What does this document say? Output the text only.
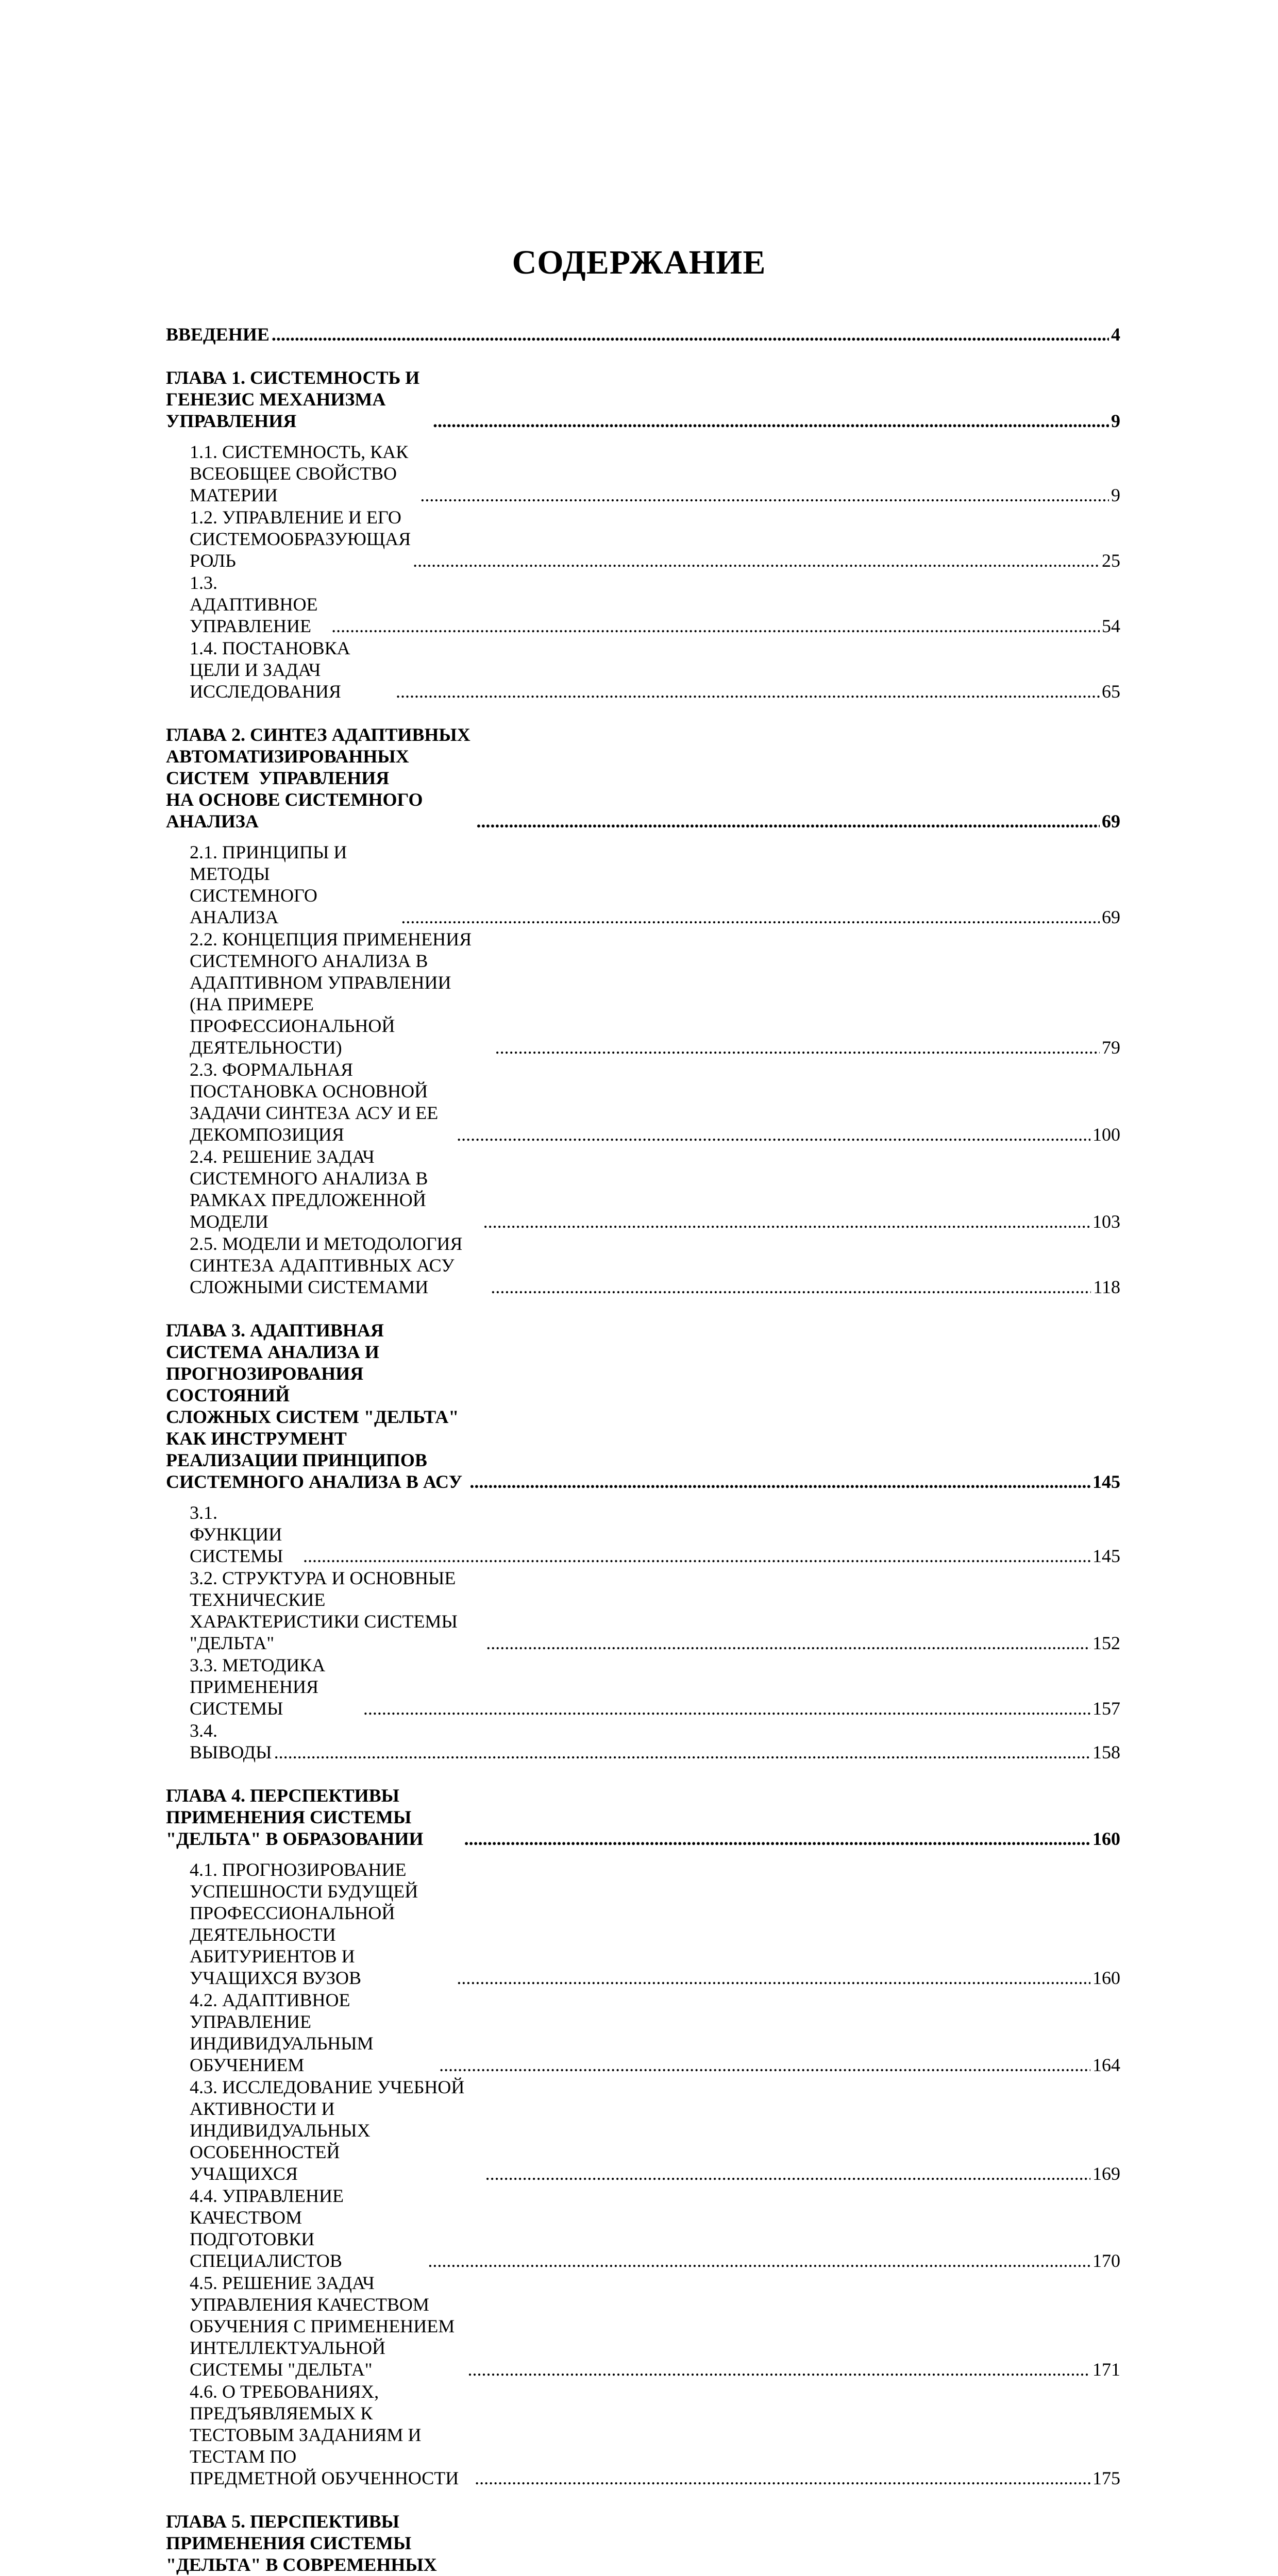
СОДЕРЖАНИЕ
ВВЕДЕНИЕ .....	4
ГЛАВА 1. СИСТЕМНОСТЬ И ГЕНЕЗИС МЕХАНИЗМА УПРАВЛЕНИЯ .....	9
1.1. СИСТЕМНОСТЬ, КАК ВСЕОБЩЕЕ СВОЙСТВО МАТЕРИИ .....	9
1.2. УПРАВЛЕНИЕ И ЕГО СИСТЕМООБРАЗУЮЩАЯ РОЛЬ .....	25
1.3. АДАПТИВНОЕ УПРАВЛЕНИЕ .....	54
1.4. ПОСТАНОВКА ЦЕЛИ И ЗАДАЧ ИССЛЕДОВАНИЯ .....	65
ГЛАВА 2. СИНТЕЗ АДАПТИВНЫХ АВТОМАТИЗИРОВАННЫХ СИСТЕМ  УПРАВЛЕНИЯ
НА ОСНОВЕ СИСТЕМНОГО АНАЛИЗА .....	69
2.1. ПРИНЦИПЫ И МЕТОДЫ СИСТЕМНОГО АНАЛИЗА .....	69
2.2. КОНЦЕПЦИЯ ПРИМЕНЕНИЯ СИСТЕМНОГО АНАЛИЗА В АДАПТИВНОМ УПРАВЛЕНИИ
(НА ПРИМЕРЕ ПРОФЕССИОНАЛЬНОЙ ДЕЯТЕЛЬНОСТИ) .....	79
2.3. ФОРМАЛЬНАЯ ПОСТАНОВКА ОСНОВНОЙ ЗАДАЧИ СИНТЕЗА АСУ И ЕЕ
ДЕКОМПОЗИЦИЯ .....	100
2.4. РЕШЕНИЕ ЗАДАЧ СИСТЕМНОГО АНАЛИЗА В РАМКАХ ПРЕДЛОЖЕННОЙ МОДЕЛИ .....	103
2.5. МОДЕЛИ И МЕТОДОЛОГИЯ СИНТЕЗА АДАПТИВНЫХ АСУ СЛОЖНЫМИ СИСТЕМАМИ .....	118
ГЛАВА 3. АДАПТИВНАЯ СИСТЕМА АНАЛИЗА И ПРОГНОЗИРОВАНИЯ СОСТОЯНИЙ
СЛОЖНЫХ СИСТЕМ "ДЕЛЬТА" КАК ИНСТРУМЕНТ РЕАЛИЗАЦИИ ПРИНЦИПОВ
СИСТЕМНОГО АНАЛИЗА В АСУ .....	145
3.1. ФУНКЦИИ СИСТЕМЫ .....	145
3.2. СТРУКТУРА И ОСНОВНЫЕ ТЕХНИЧЕСКИЕ ХАРАКТЕРИСТИКИ СИСТЕМЫ "ДЕЛЬТА" .....	152
3.3. МЕТОДИКА ПРИМЕНЕНИЯ СИСТЕМЫ .....	157
3.4. ВЫВОДЫ .....	158
ГЛАВА 4. ПЕРСПЕКТИВЫ ПРИМЕНЕНИЯ СИСТЕМЫ "ДЕЛЬТА" В ОБРАЗОВАНИИ .....	160
4.1. ПРОГНОЗИРОВАНИЕ УСПЕШНОСТИ БУДУЩЕЙ ПРОФЕССИОНАЛЬНОЙ
ДЕЯТЕЛЬНОСТИ АБИТУРИЕНТОВ И УЧАЩИХСЯ ВУЗОВ .....	160
4.2. АДАПТИВНОЕ УПРАВЛЕНИЕ ИНДИВИДУАЛЬНЫМ ОБУЧЕНИЕМ .....	164
4.3. ИССЛЕДОВАНИЕ УЧЕБНОЙ АКТИВНОСТИ И ИНДИВИДУАЛЬНЫХ ОСОБЕННОСТЕЙ
УЧАЩИХСЯ .....	169
4.4. УПРАВЛЕНИЕ КАЧЕСТВОМ ПОДГОТОВКИ СПЕЦИАЛИСТОВ .....	170
4.5. РЕШЕНИЕ ЗАДАЧ УПРАВЛЕНИЯ КАЧЕСТВОМ ОБУЧЕНИЯ С ПРИМЕНЕНИЕМ
ИНТЕЛЛЕКТУАЛЬНОЙ СИСТЕМЫ "ДЕЛЬТА" .....	171
4.6. О ТРЕБОВАНИЯХ, ПРЕДЪЯВЛЯЕМЫХ К ТЕСТОВЫМ ЗАДАНИЯМ И ТЕСТАМ ПО
ПРЕДМЕТНОЙ ОБУЧЕННОСТИ .....	175
ГЛАВА 5. ПЕРСПЕКТИВЫ ПРИМЕНЕНИЯ СИСТЕМЫ "ДЕЛЬТА" В СОВРЕМЕННЫХ

.....
